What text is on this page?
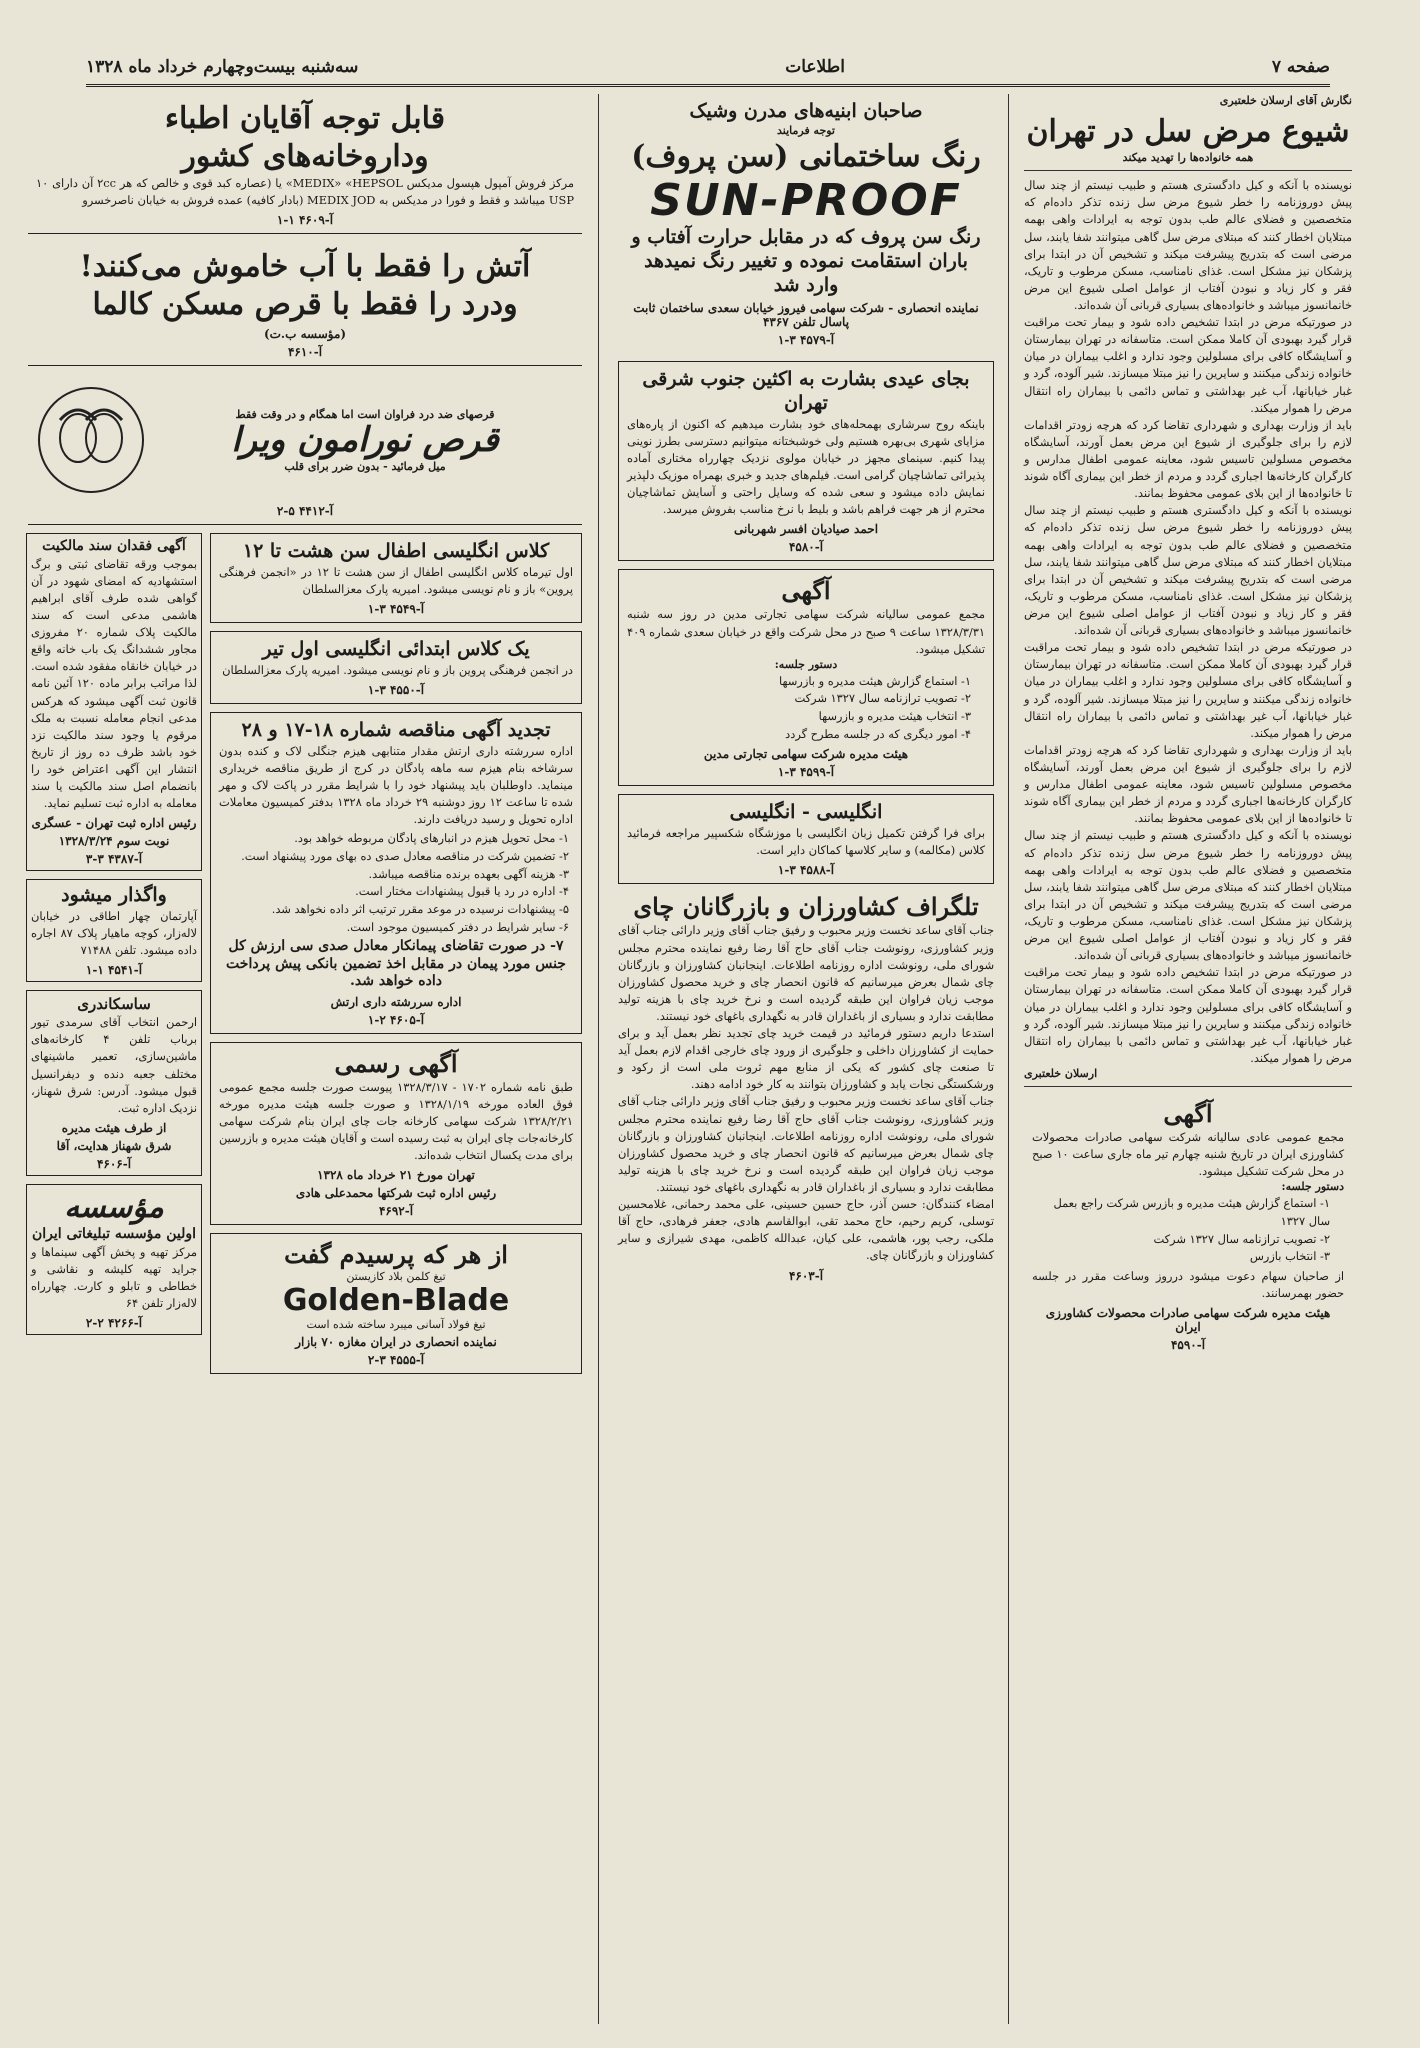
صفحه ۷
اطلاعات
سه‌شنبه بیست‌وچهارم خرداد ماه ۱۳۲۸
نگارش آقای ارسلان خلعتبری
شیوع مرض سل در تهران
همه خانواده‌ها را تهدید میکند

نویسنده با آنکه و کیل دادگستری هستم و طبیب نیستم از چند سال پیش دوروزنامه را خطر شیوع مرض سل زنده تذکر داده‌ام که متخصصین و فضلای عالم طب بدون توجه به ایرادات واهی بهمه مبتلایان اخطار کنند که مبتلای مرض سل گاهی میتوانند شفا یابند، سل مرضی است که بتدریج پیشرفت میکند و تشخیص آن در ابتدا برای پزشکان نیز مشکل است. غذای نامناسب، مسکن مرطوب و تاریک، فقر و کار زیاد و نبودن آفتاب از عوامل اصلی شیوع این مرض خانمانسوز میباشد و خانواده‌های بسیاری قربانی آن شده‌اند.

در صورتیکه مرض در ابتدا تشخیص داده شود و بیمار تحت مراقبت قرار گیرد بهبودی آن کاملا ممکن است. متاسفانه در تهران بیمارستان و آسایشگاه کافی برای مسلولین وجود ندارد و اغلب بیماران در میان خانواده زندگی میکنند و سایرین را نیز مبتلا میسازند. شیر آلوده، گرد و غبار خیابانها، آب غیر بهداشتی و تماس دائمی با بیماران راه انتقال مرض را هموار میکند.

باید از وزارت بهداری و شهرداری تقاضا کرد که هرچه زودتر اقدامات لازم را برای جلوگیری از شیوع این مرض بعمل آورند، آسایشگاه مخصوص مسلولین تاسیس شود، معاینه عمومی اطفال مدارس و کارگران کارخانه‌ها اجباری گردد و مردم از خطر این بیماری آگاه شوند تا خانواده‌ها از این بلای عمومی محفوظ بمانند.

نویسنده با آنکه و کیل دادگستری هستم و طبیب نیستم از چند سال پیش دوروزنامه را خطر شیوع مرض سل زنده تذکر داده‌ام که متخصصین و فضلای عالم طب بدون توجه به ایرادات واهی بهمه مبتلایان اخطار کنند که مبتلای مرض سل گاهی میتوانند شفا یابند، سل مرضی است که بتدریج پیشرفت میکند و تشخیص آن در ابتدا برای پزشکان نیز مشکل است. غذای نامناسب، مسکن مرطوب و تاریک، فقر و کار زیاد و نبودن آفتاب از عوامل اصلی شیوع این مرض خانمانسوز میباشد و خانواده‌های بسیاری قربانی آن شده‌اند.

در صورتیکه مرض در ابتدا تشخیص داده شود و بیمار تحت مراقبت قرار گیرد بهبودی آن کاملا ممکن است. متاسفانه در تهران بیمارستان و آسایشگاه کافی برای مسلولین وجود ندارد و اغلب بیماران در میان خانواده زندگی میکنند و سایرین را نیز مبتلا میسازند. شیر آلوده، گرد و غبار خیابانها، آب غیر بهداشتی و تماس دائمی با بیماران راه انتقال مرض را هموار میکند.

باید از وزارت بهداری و شهرداری تقاضا کرد که هرچه زودتر اقدامات لازم را برای جلوگیری از شیوع این مرض بعمل آورند، آسایشگاه مخصوص مسلولین تاسیس شود، معاینه عمومی اطفال مدارس و کارگران کارخانه‌ها اجباری گردد و مردم از خطر این بیماری آگاه شوند تا خانواده‌ها از این بلای عمومی محفوظ بمانند.

نویسنده با آنکه و کیل دادگستری هستم و طبیب نیستم از چند سال پیش دوروزنامه را خطر شیوع مرض سل زنده تذکر داده‌ام که متخصصین و فضلای عالم طب بدون توجه به ایرادات واهی بهمه مبتلایان اخطار کنند که مبتلای مرض سل گاهی میتوانند شفا یابند، سل مرضی است که بتدریج پیشرفت میکند و تشخیص آن در ابتدا برای پزشکان نیز مشکل است. غذای نامناسب، مسکن مرطوب و تاریک، فقر و کار زیاد و نبودن آفتاب از عوامل اصلی شیوع این مرض خانمانسوز میباشد و خانواده‌های بسیاری قربانی آن شده‌اند.

در صورتیکه مرض در ابتدا تشخیص داده شود و بیمار تحت مراقبت قرار گیرد بهبودی آن کاملا ممکن است. متاسفانه در تهران بیمارستان و آسایشگاه کافی برای مسلولین وجود ندارد و اغلب بیماران در میان خانواده زندگی میکنند و سایرین را نیز مبتلا میسازند. شیر آلوده، گرد و غبار خیابانها، آب غیر بهداشتی و تماس دائمی با بیماران راه انتقال مرض را هموار میکند.

ارسلان خلعتبری
آگهی

مجمع عمومی عادی سالیانه شرکت سهامی صادرات محصولات کشاورزی ایران در تاریخ شنبه چهارم تیر ماه جاری ساعت ۱۰ صبح در محل شرکت تشکیل میشود.

دستور جلسه:
۱- استماع گزارش هیئت مدیره و بازرس شرکت راجع بعمل سال ۱۳۲۷
۲- تصویب ترازنامه سال ۱۳۲۷ شرکت
۳- انتخاب بازرس

از صاحبان سهام دعوت میشود درروز وساعت مقرر در جلسه حضور بهمرسانند.

هیئت مدیره شرکت سهامی صادرات محصولات کشاورزی ایران
آ-۴۵۹۰
صاحبان ابنیه‌های مدرن وشیک
توجه فرمایند
رنگ ساختمانی (سن پروف)
SUN-PROOF
رنگ سن پروف که در مقابل حرارت آفتاب و باران استقامت نموده و تغییر رنگ نمیدهد وارد شد
نماینده انحصاری - شرکت سهامی فیروز خیابان سعدی ساختمان ثابت پاسال تلفن ۴۳۶۷
آ-۴۵۷۹ ۳-۱
بجای عیدی بشارت به اکثین جنوب شرقی تهران

باینکه روح سرشاری بهمحله‌های خود بشارت میدهیم که اکنون از پاره‌های مزایای شهری بی‌بهره هستیم ولی خوشبختانه میتوانیم دسترسی بطرز نوینی پیدا کنیم. سینمای مجهز در خیابان مولوی نزدیک چهارراه مختاری آماده پذیرائی تماشاچیان گرامی است. فیلم‌های جدید و خبری بهمراه موزیک دلپذیر نمایش داده میشود و سعی شده که وسایل راحتی و آسایش تماشاچیان محترم از هر جهت فراهم باشد و بلیط با نرخ مناسب بفروش میرسد.

احمد صیادیان افسر شهربانی
آ-۴۵۸۰
آگهی

مجمع عمومی سالیانه شرکت سهامی تجارتی مدین در روز سه شنبه ۱۳۲۸/۳/۳۱ ساعت ۹ صبح در محل شرکت واقع در خیابان سعدی شماره ۴۰۹ تشکیل میشود.

دستور جلسه:
۱- استماع گزارش هیئت مدیره و بازرسها
۲- تصویب ترازنامه سال ۱۳۲۷ شرکت
۳- انتخاب هیئت مدیره و بازرسها
۴- امور دیگری که در جلسه مطرح گردد
هیئت مدیره شرکت سهامی تجارتی مدین
آ-۴۵۹۹ ۳-۱
انگلیسی - انگلیسی

برای فرا گرفتن تکمیل زبان انگلیسی با موزشگاه شکسپیر مراجعه فرمائید کلاس (مکالمه) و سایر کلاسها کماکان دایر است.

آ-۴۵۸۸ ۳-۱
تلگراف کشاورزان و بازرگانان چای

جناب آقای ساعد نخست وزیر محبوب و رفیق جناب آقای وزیر دارائی جناب آقای وزیر کشاورزی، رونوشت جناب آقای حاج آقا رضا رفیع نماینده محترم مجلس شورای ملی، رونوشت اداره روزنامه اطلاعات. اینجانبان کشاورزان و بازرگانان چای شمال بعرض میرسانیم که قانون انحصار چای و خرید محصول کشاورزان موجب زیان فراوان این طبقه گردیده است و نرخ خرید چای با هزینه تولید مطابقت ندارد و بسیاری از باغداران قادر به نگهداری باغهای خود نیستند.

استدعا داریم دستور فرمائید در قیمت خرید چای تجدید نظر بعمل آید و برای حمایت از کشاورزان داخلی و جلوگیری از ورود چای خارجی اقدام لازم بعمل آید تا صنعت چای کشور که یکی از منابع مهم ثروت ملی است از رکود و ورشکستگی نجات یابد و کشاورزان بتوانند به کار خود ادامه دهند.

جناب آقای ساعد نخست وزیر محبوب و رفیق جناب آقای وزیر دارائی جناب آقای وزیر کشاورزی، رونوشت جناب آقای حاج آقا رضا رفیع نماینده محترم مجلس شورای ملی، رونوشت اداره روزنامه اطلاعات. اینجانبان کشاورزان و بازرگانان چای شمال بعرض میرسانیم که قانون انحصار چای و خرید محصول کشاورزان موجب زیان فراوان این طبقه گردیده است و نرخ خرید چای با هزینه تولید مطابقت ندارد و بسیاری از باغداران قادر به نگهداری باغهای خود نیستند.

امضاء کنندگان: حسن آذر، حاج حسین حسینی، علی محمد رحمانی، غلامحسین توسلی، کریم رحیم، حاج محمد تقی، ابوالقاسم هادی، جعفر فرهادی، حاج آقا ملکی، رجب پور، هاشمی، علی کیان، عبدالله کاظمی، مهدی شیرازی و سایر کشاورزان و بازرگانان چای.

آ-۴۶۰۳
قابل توجه آقایان اطباء
وداروخانه‌های کشور

مرکز فروش آمپول هپسول مدیکس MEDIX» «HEPSOL» یا (عصاره کبد قوی و خالص که هر ۲cc آن دارای ۱۰ USP میباشد و فقط و فورا در مدیکس به MEDIX JOD (بادار کافیه) عمده فروش به خیابان ناصرخسرو

آ-۴۶۰۹ ۱-۱
آتش را فقط با آب خاموش می‌کنند!
ودرد را فقط با قرص مسکن کالما
(مؤسسه ب.ت)
آ-۴۶۱۰
قرصهای ضد درد فراوان است اما همگام و در وقت فقط
قرص نورامون ویرا
میل فرمائید - بدون ضرر برای قلب
آ-۴۴۱۲ ۵-۲
کلاس انگلیسی اطفال سن هشت تا ۱۲

اول تیرماه کلاس انگلیسی اطفال از سن هشت تا ۱۲ در «انجمن فرهنگی پروین» باز و نام نویسی میشود. امیریه پارک معزالسلطان

آ-۴۵۴۹ ۳-۱
یک کلاس ابتدائی انگلیسی اول تیر

در انجمن فرهنگی پروین باز و نام نویسی میشود. امیریه پارک معزالسلطان

آ-۴۵۵۰ ۳-۱
تجدید آگهی مناقصه شماره ۱۸-۱۷ و ۲۸

اداره سررشته داری ارتش مقدار متنابهی هیزم جنگلی لاک و کنده بدون سرشاخه بنام هیزم سه ماهه پادگان در کرج از طریق مناقصه خریداری مینماید. داوطلبان باید پیشنهاد خود را با شرایط مقرر در پاکت لاک و مهر شده تا ساعت ۱۲ روز دوشنبه ۲۹ خرداد ماه ۱۳۲۸ بدفتر کمیسیون معاملات اداره تحویل و رسید دریافت دارند.

۱- محل تحویل هیزم در انبارهای پادگان مربوطه خواهد بود.
۲- تضمین شرکت در مناقصه معادل صدی ده بهای مورد پیشنهاد است.
۳- هزینه آگهی بعهده برنده مناقصه میباشد.
۴- اداره در رد یا قبول پیشنهادات مختار است.
۵- پیشنهادات نرسیده در موعد مقرر ترتیب اثر داده نخواهد شد.
۶- سایر شرایط در دفتر کمیسیون موجود است.
۷- در صورت تقاضای پیمانکار معادل صدی سی ارزش کل جنس مورد پیمان در مقابل اخذ تضمین بانکی پیش پرداخت داده خواهد شد.
اداره سررشته داری ارتش
آ-۴۶۰۵ ۲-۱
آگهی رسمی

طبق نامه شماره ۱۷۰۲ - ۱۳۲۸/۳/۱۷ پیوست صورت جلسه مجمع عمومی فوق العاده مورخه ۱۳۲۸/۱/۱۹ و صورت جلسه هیئت مدیره مورخه ۱۳۲۸/۲/۲۱ شرکت سهامی کارخانه جات چای ایران بنام شرکت سهامی کارخانه‌جات چای ایران به ثبت رسیده است و آقایان هیئت مدیره و بازرسین برای مدت یکسال انتخاب شده‌اند.

تهران مورخ ۲۱ خرداد ماه ۱۳۲۸
رئیس اداره ثبت شرکتها محمدعلی هادی
آ-۴۶۹۲
از هر که پرسیدم گفت
تیغ کلمن بلاد کازیستن
Golden-Blade
تیغ فولاد آسانی میبرد ساخته شده است
نماینده انحصاری در ایران مغازه ۷۰ بازار
آ-۴۵۵۵ ۳-۲
آگهی فقدان سند مالکیت

بموجب ورقه تقاضای ثبتی و برگ استشهادیه که امضای شهود در آن گواهی شده طرف آقای ابراهیم هاشمی مدعی است که سند مالکیت پلاک شماره ۲۰ مفروزی مجاور ششدانگ یک باب خانه واقع در خیابان خانقاه مفقود شده است. لذا مراتب برابر ماده ۱۲۰ آئین نامه قانون ثبت آگهی میشود که هرکس مدعی انجام معامله نسبت به ملک مرقوم یا وجود سند مالکیت نزد خود باشد ظرف ده روز از تاریخ انتشار این آگهی اعتراض خود را بانضمام اصل سند مالکیت یا سند معامله به اداره ثبت تسلیم نماید.

رئیس اداره ثبت تهران - عسگری
نوبت سوم ۱۳۲۸/۳/۲۴
آ-۴۳۸۷ ۳-۳
واگذار میشود

آپارتمان چهار اطاقی در خیابان لاله‌زار، کوچه ماهیار پلاک ۸۷ اجاره داده میشود. تلفن ۷۱۴۸۸

آ-۴۵۴۱ ۱-۱
ساسکاندری

ارحمن انتخاب آقای سرمدی تیور برباب تلفن ۴ کارخانه‌های ماشین‌سازی، تعمیر ماشینهای مختلف جعبه دنده و دیفرانسیل قبول میشود. آدرس: شرق شهناز، نزدیک اداره ثبت.

از طرف هیئت مدیره
شرق شهناز هدایت، آقا
آ-۴۶۰۶
مؤسسه
اولین مؤسسه تبلیغاتی ایران

مرکز تهیه و پخش آگهی سینماها و جراید تهیه کلیشه و نقاشی و خطاطی و تابلو و کارت. چهارراه لاله‌زار تلفن ۶۴

آ-۴۲۶۶ ۲-۲
